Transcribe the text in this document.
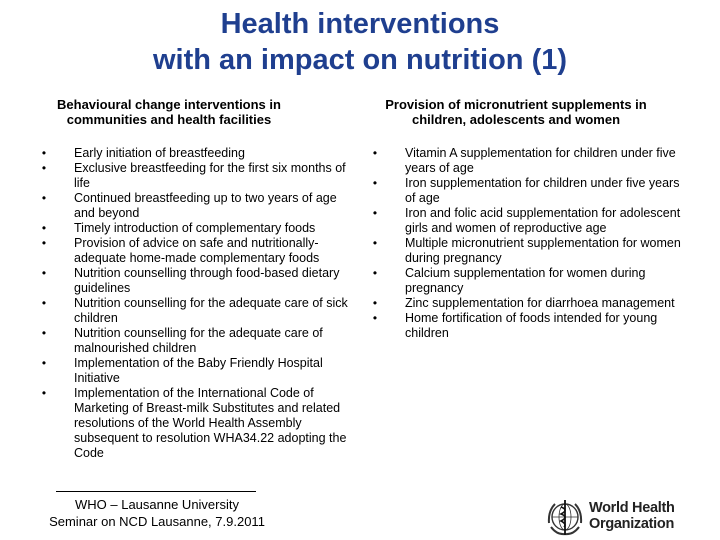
Health interventions
with an impact on nutrition (1)
Behavioural change interventions in
communities and health facilities
Provision of micronutrient supplements in
children, adolescents and women
•	Early initiation of breastfeeding
•	Exclusive breastfeeding for the first six months of life
•	Continued breastfeeding up to two years of age and beyond
•	Timely introduction of complementary foods
•	Provision of advice on safe and nutritionally-adequate home-made complementary foods
•	Nutrition counselling through food-based dietary guidelines
•	Nutrition counselling for the adequate care of sick children
•	Nutrition counselling for the adequate care of malnourished children
•	Implementation of the Baby Friendly Hospital Initiative
•	Implementation of the International Code of Marketing of Breast-milk Substitutes and related resolutions of the World Health Assembly subsequent to resolution WHA34.22 adopting the Code
•	Vitamin A supplementation for children under five years of age
•	Iron supplementation for children under five years of age
•	Iron and folic acid supplementation for adolescent girls and women of reproductive age
•	Multiple micronutrient supplementation for women during pregnancy
•	Calcium supplementation for women during pregnancy
•	Zinc supplementation for diarrhoea management
•	Home fortification of foods intended for young children
WHO – Lausanne University
Seminar on NCD Lausanne, 7.9.2011
World Health
Organization
